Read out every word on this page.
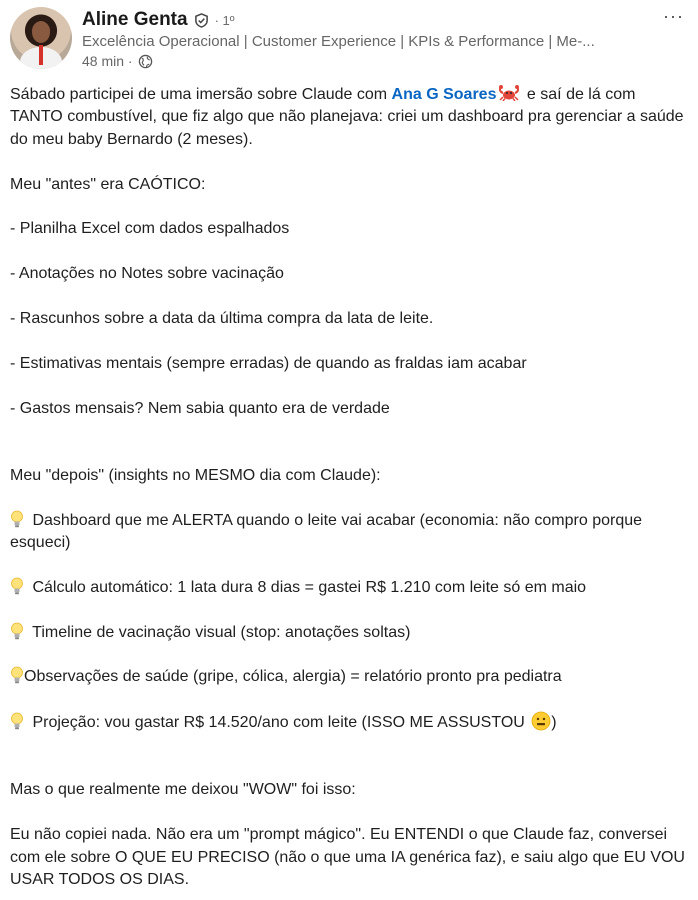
Aline Genta · 1º
Excelência Operacional | Customer Experience | KPIs & Performance | Me-...
48 min ·
···

Sábado participei de uma imersão sobre Claude com Ana G Soares e saí de lá com TANTO combustível, que fiz algo que não planejava: criei um dashboard pra gerenciar a saúde do meu baby Bernardo (2 meses).

Meu "antes" era CAÓTICO:

- Planilha Excel com dados espalhados

- Anotações no Notes sobre vacinação

- Rascunhos sobre a data da última compra da lata de leite.

- Estimativas mentais (sempre erradas) de quando as fraldas iam acabar

- Gastos mensais? Nem sabia quanto era de verdade

Meu "depois" (insights no MESMO dia com Claude):

Dashboard que me ALERTA quando o leite vai acabar (economia: não compro porque esqueci)

Cálculo automático: 1 lata dura 8 dias = gastei R$ 1.210 com leite só em maio

Timeline de vacinação visual (stop: anotações soltas)

Observações de saúde (gripe, cólica, alergia) = relatório pronto pra pediatra

Projeção: vou gastar R$ 14.520/ano com leite (ISSO ME ASSUSTOU )

Mas o que realmente me deixou "WOW" foi isso:

Eu não copiei nada. Não era um "prompt mágico". Eu ENTENDI o que Claude faz, conversei com ele sobre O QUE EU PRECISO (não o que uma IA genérica faz), e saiu algo que EU VOU USAR TODOS OS DIAS.
